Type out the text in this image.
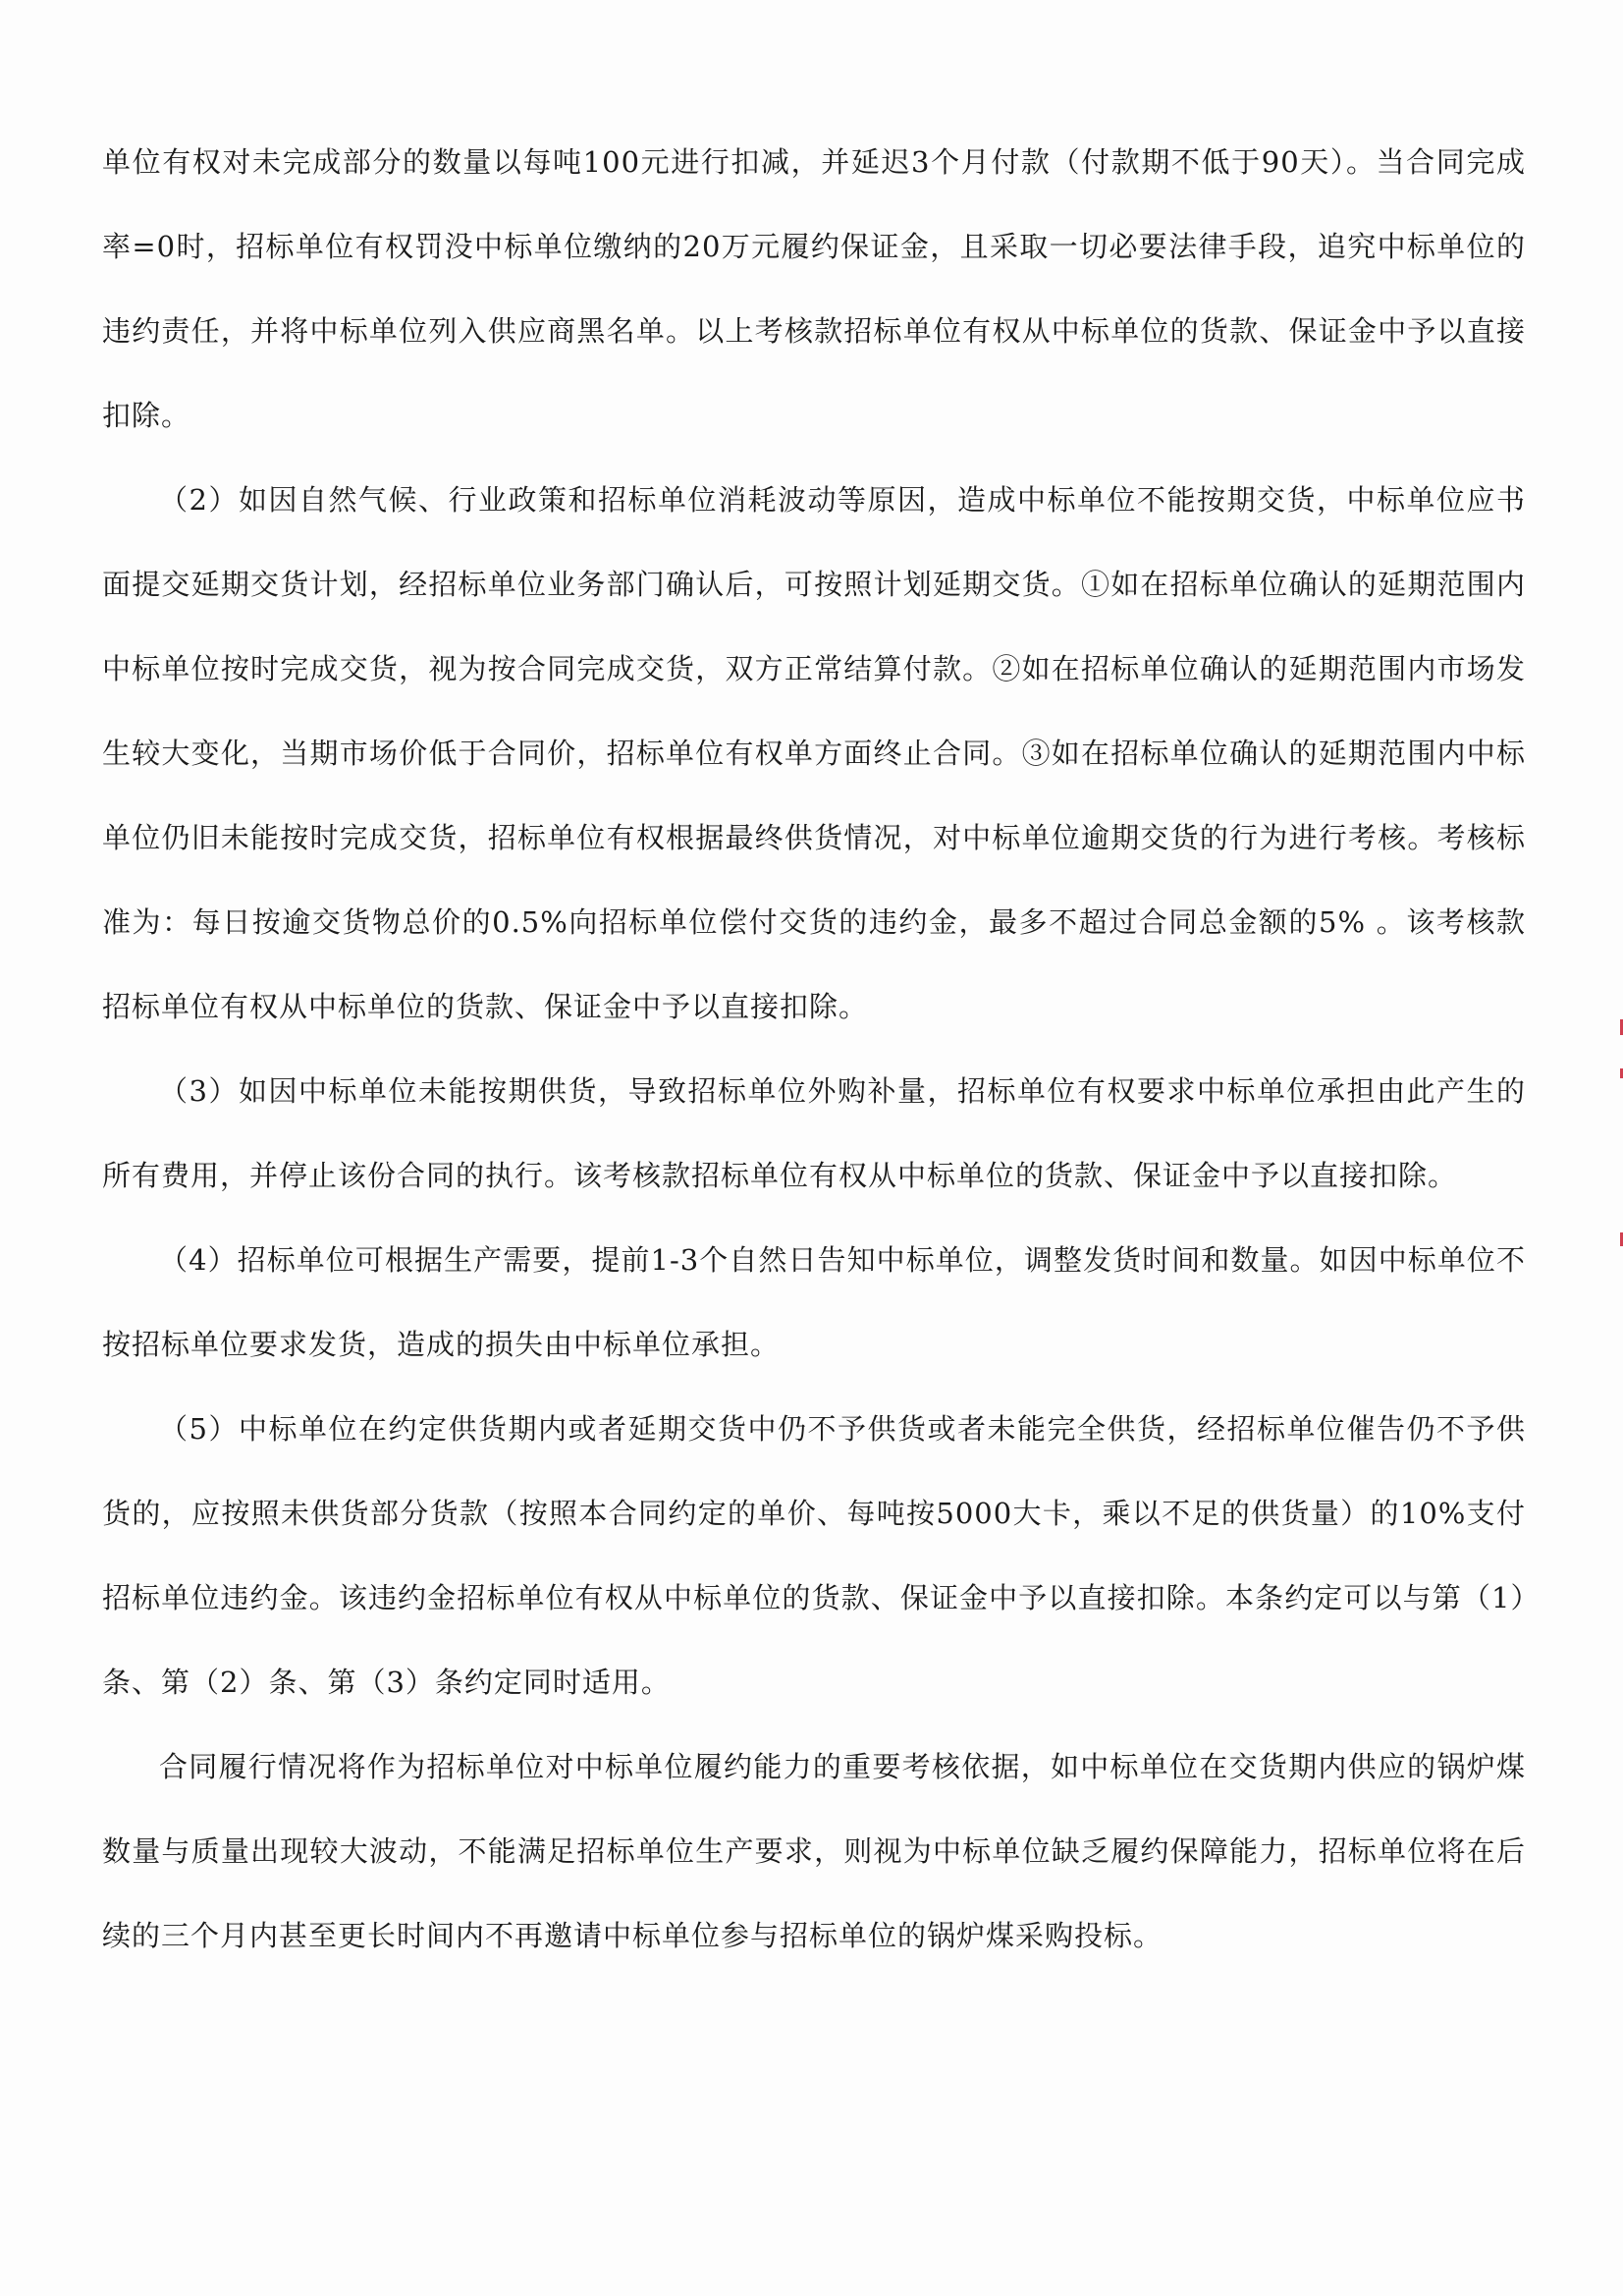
单位有权对未完成部分的数量以每吨100元进行扣减，并延迟3个月付款（付款期不低于90天）。当合同完成率=0时，招标单位有权罚没中标单位缴纳的20万元履约保证金，且采取一切必要法律手段，追究中标单位的违约责任，并将中标单位列入供应商黑名单。以上考核款招标单位有权从中标单位的货款、保证金中予以直接扣除。

（2）如因自然气候、行业政策和招标单位消耗波动等原因，造成中标单位不能按期交货，中标单位应书面提交延期交货计划，经招标单位业务部门确认后，可按照计划延期交货。①如在招标单位确认的延期范围内中标单位按时完成交货，视为按合同完成交货，双方正常结算付款。②如在招标单位确认的延期范围内市场发生较大变化，当期市场价低于合同价，招标单位有权单方面终止合同。③如在招标单位确认的延期范围内中标单位仍旧未能按时完成交货，招标单位有权根据最终供货情况，对中标单位逾期交货的行为进行考核。考核标准为：每日按逾交货物总价的0.5%向招标单位偿付交货的违约金，最多不超过合同总金额的5% 。该考核款招标单位有权从中标单位的货款、保证金中予以直接扣除。

（3）如因中标单位未能按期供货，导致招标单位外购补量，招标单位有权要求中标单位承担由此产生的所有费用，并停止该份合同的执行。该考核款招标单位有权从中标单位的货款、保证金中予以直接扣除。

（4）招标单位可根据生产需要，提前1-3个自然日告知中标单位，调整发货时间和数量。如因中标单位不按招标单位要求发货，造成的损失由中标单位承担。

（5）中标单位在约定供货期内或者延期交货中仍不予供货或者未能完全供货，经招标单位催告仍不予供货的，应按照未供货部分货款（按照本合同约定的单价、每吨按5000大卡，乘以不足的供货量）的10%支付招标单位违约金。该违约金招标单位有权从中标单位的货款、保证金中予以直接扣除。本条约定可以与第（1）条、第（2）条、第（3）条约定同时适用。

合同履行情况将作为招标单位对中标单位履约能力的重要考核依据，如中标单位在交货期内供应的锅炉煤数量与质量出现较大波动，不能满足招标单位生产要求，则视为中标单位缺乏履约保障能力，招标单位将在后续的三个月内甚至更长时间内不再邀请中标单位参与招标单位的锅炉煤采购投标。
